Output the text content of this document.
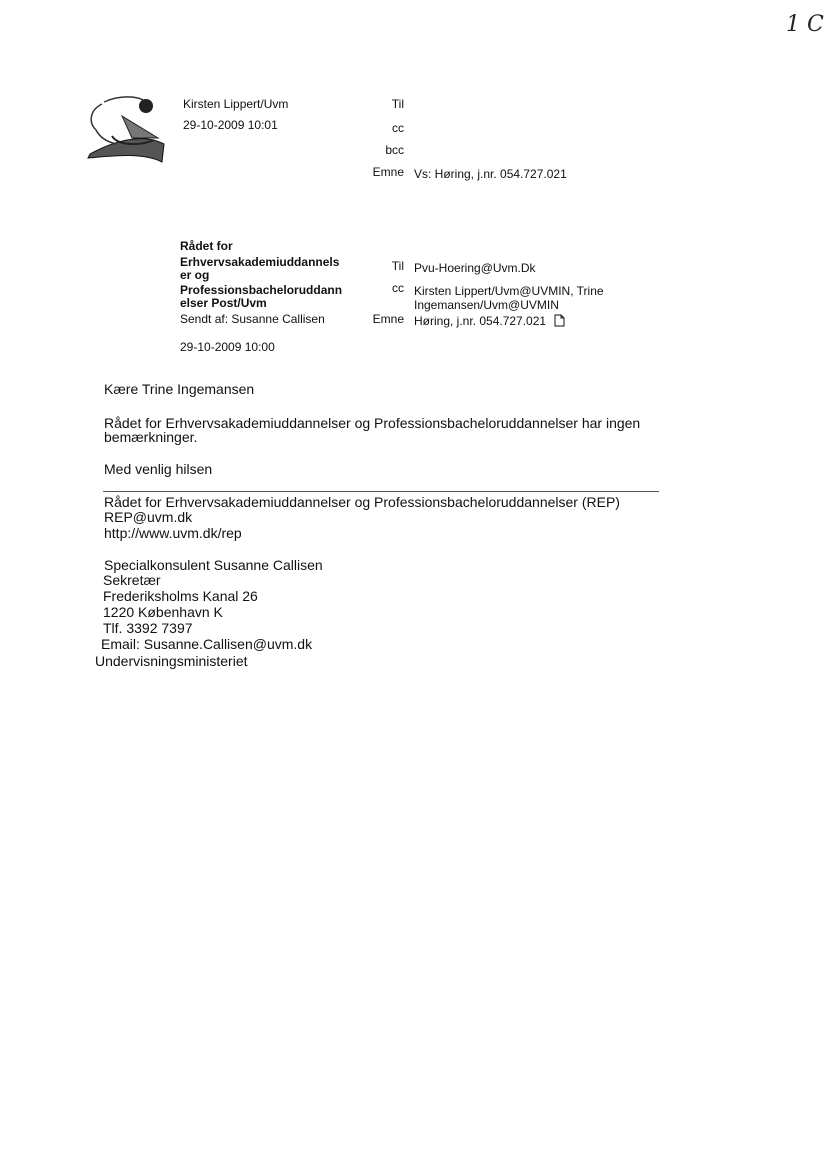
1 C
Kirsten Lippert/Uvm
29-10-2009 10:01
Til
cc
bcc
Emne Vs: Høring, j.nr. 054.727.021
Rådet for
Erhvervsakademiuddannels
er og
Professionsbacheloruddann
elser Post/Uvm
Sendt af: Susanne Callisen
29-10-2009 10:00
Til Pvu-Hoering@Uvm.Dk
cc Kirsten Lippert/Uvm@UVMIN, Trine
Ingemansen/Uvm@UVMIN
Emne Høring, j.nr. 054.727.021
Kære Trine Ingemansen
Rådet for Erhvervsakademiuddannelser og Professionsbacheloruddannelser har ingen
bemærkninger.
Med venlig hilsen
Rådet for Erhvervsakademiuddannelser og Professionsbacheloruddannelser (REP)
REP@uvm.dk
http://www.uvm.dk/rep
Specialkonsulent Susanne Callisen
Sekretær
Frederiksholms Kanal 26
1220 København K
Tlf. 3392 7397
Email: Susanne.Callisen@uvm.dk
Undervisningsministeriet
